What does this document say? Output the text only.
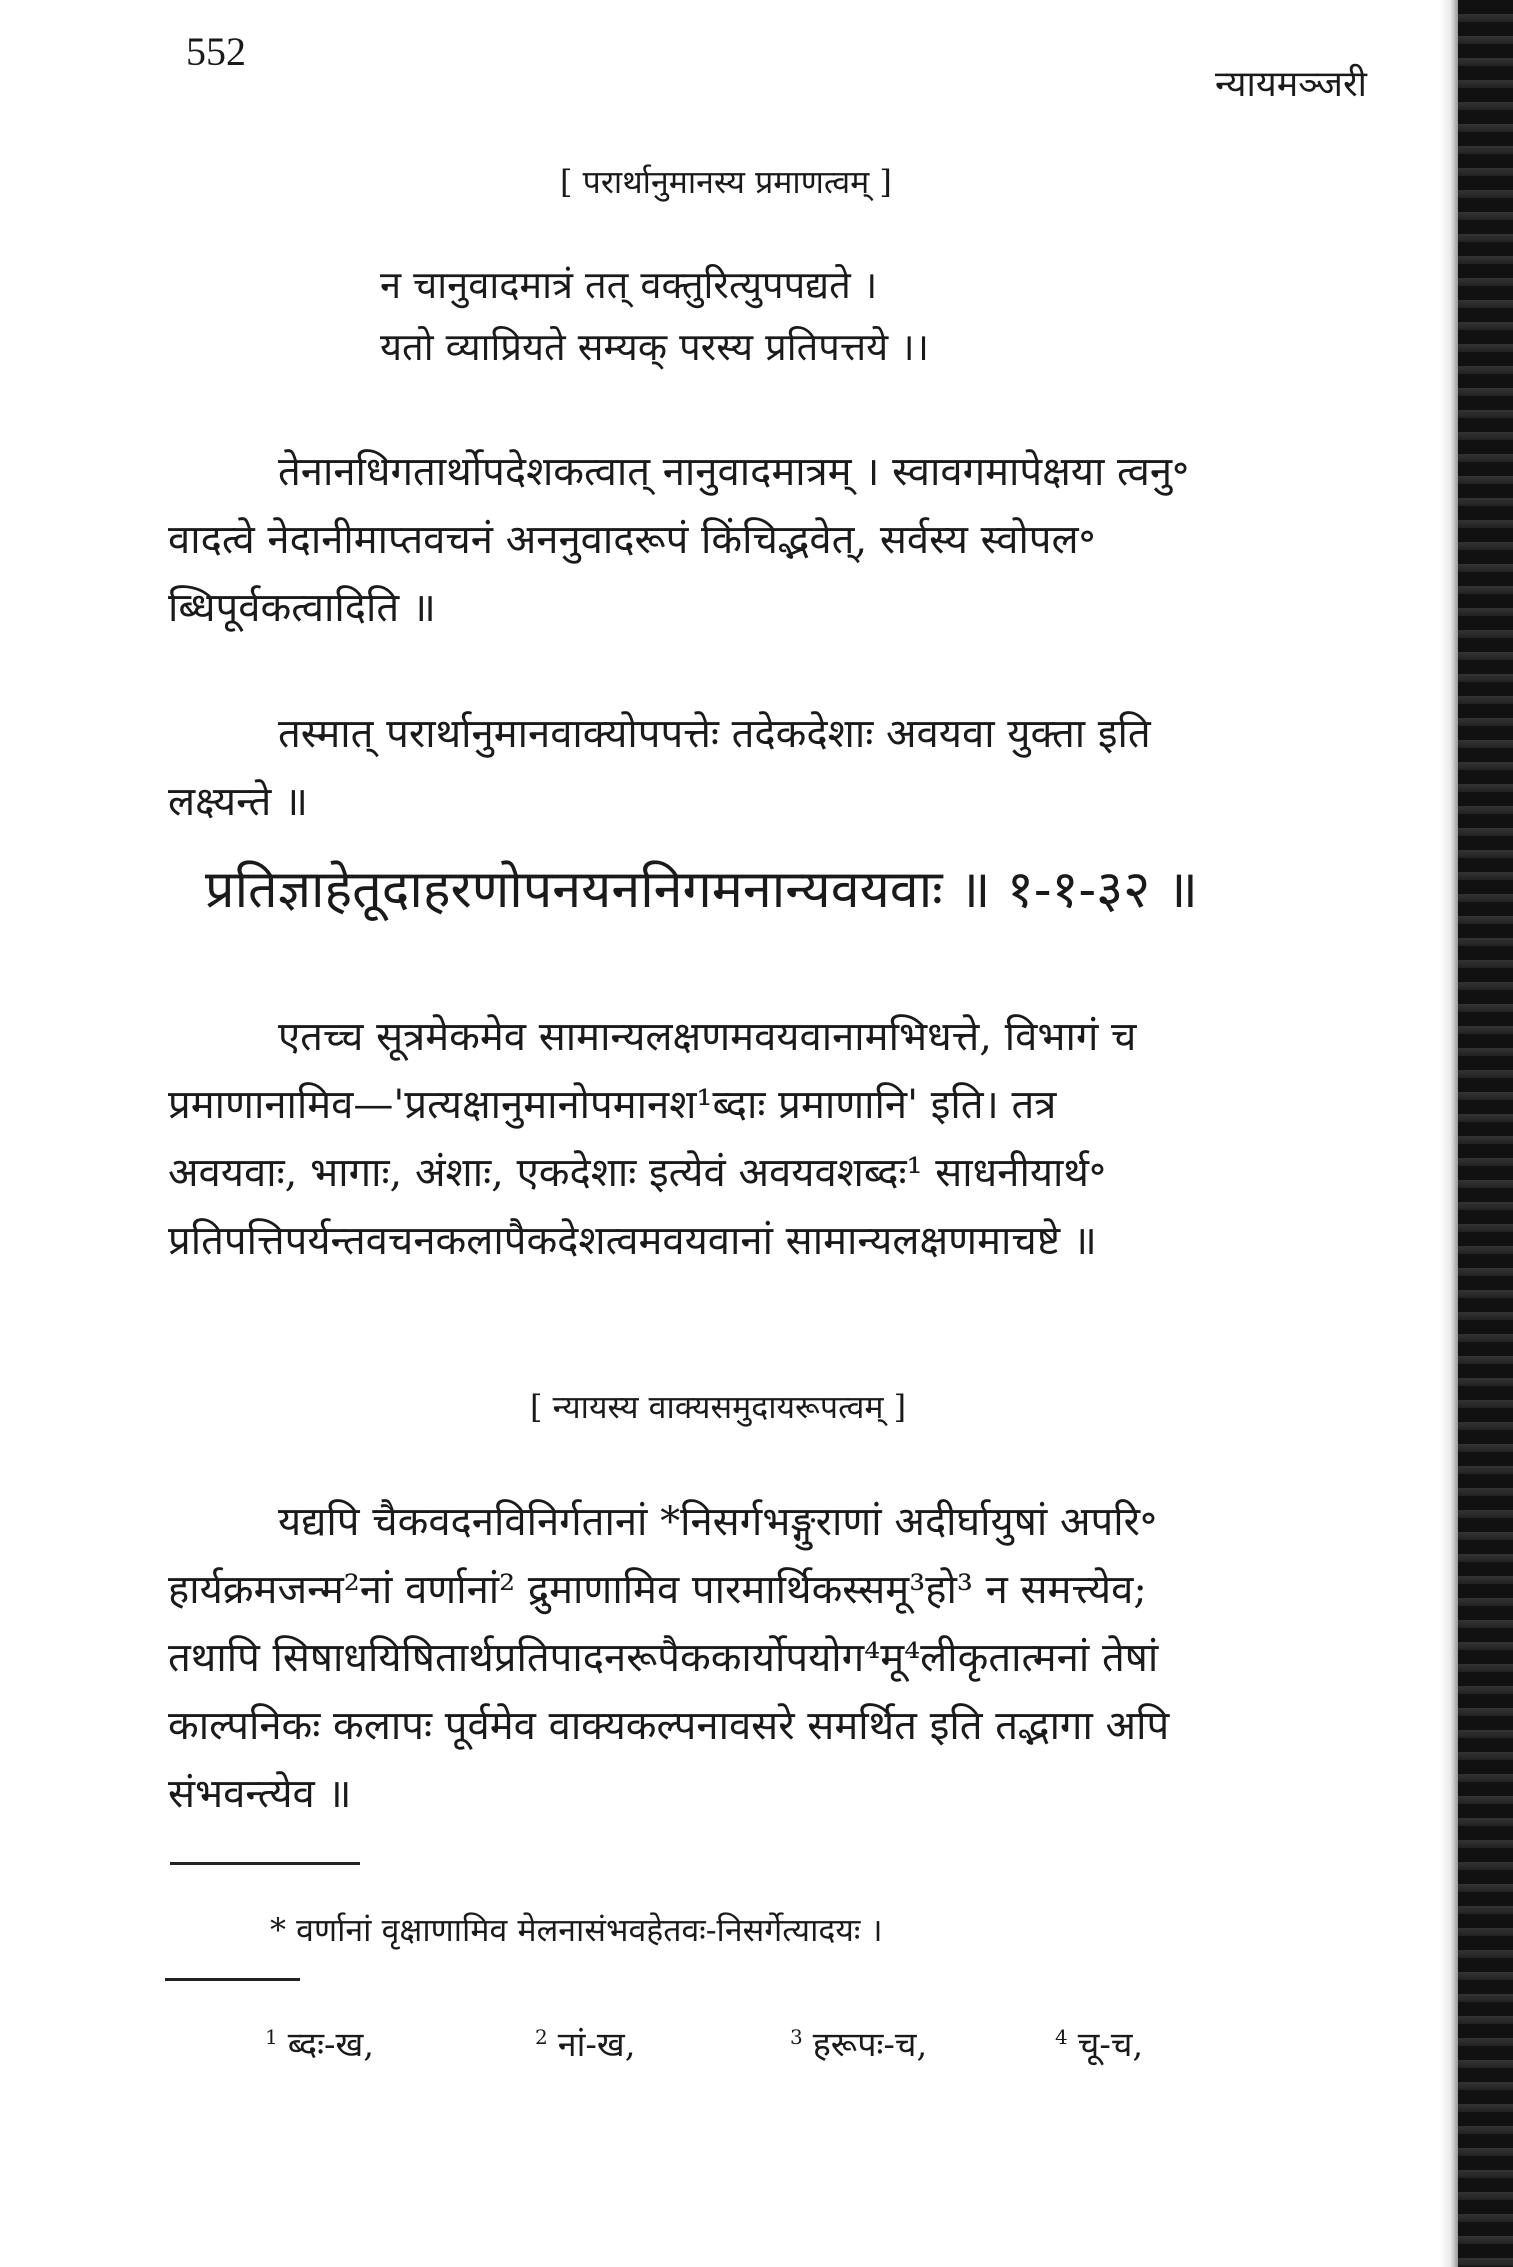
552
न्यायमञ्जरी
[ परार्थानुमानस्य प्रमाणत्वम् ]
न चानुवादमात्रं तत् वक्तुरित्युपपद्यते ।
यतो व्याप्रियते सम्यक् परस्य प्रतिपत्तये ।।
तेनानधिगतार्थोपदेशकत्वात् नानुवादमात्रम् । स्वावगमापेक्षया त्वनु॰
वादत्वे नेदानीमाप्तवचनं अननुवादरूपं किंचिद्भवेत्, सर्वस्य स्वोपल॰
ब्धिपूर्वकत्वादिति ॥
तस्मात् परार्थानुमानवाक्योपपत्तेः तदेकदेशाः अवयवा युक्ता इति
लक्ष्यन्ते ॥
प्रतिज्ञाहेतूदाहरणोपनयननिगमनान्यवयवाः ॥ १-१-३२ ॥
एतच्च सूत्रमेकमेव सामान्यलक्षणमवयवानामभिधत्ते, विभागं च
प्रमाणानामिव—'प्रत्यक्षानुमानोपमानश¹ब्दाः प्रमाणानि' इति। तत्र
अवयवाः, भागाः, अंशाः, एकदेशाः इत्येवं अवयवशब्दः¹ साधनीयार्थ॰
प्रतिपत्तिपर्यन्तवचनकलापैकदेशत्वमवयवानां सामान्यलक्षणमाचष्टे ॥
[ न्यायस्य वाक्यसमुदायरूपत्वम् ]
यद्यपि चैकवदनविनिर्गतानां *निसर्गभङ्गुराणां अदीर्घायुषां अपरि॰
हार्यक्रमजन्म²नां वर्णानां² द्रुमाणामिव पारमार्थिकस्समू³हो³ न समत्त्येव;
तथापि सिषाधयिषितार्थप्रतिपादनरूपैककार्योपयोग⁴मू⁴लीकृतात्मनां तेषां
काल्पनिकः कलापः पूर्वमेव वाक्यकल्पनावसरे समर्थित इति तद्भागा अपि
संभवन्त्येव ॥
* वर्णानां वृक्षाणामिव मेलनासंभवहेतवः-निसर्गेत्यादयः ।
$^1$ ब्दः-ख,	$^2$ नां-ख,	$^3$ हरूपः-च,	$^4$ चू-च,
